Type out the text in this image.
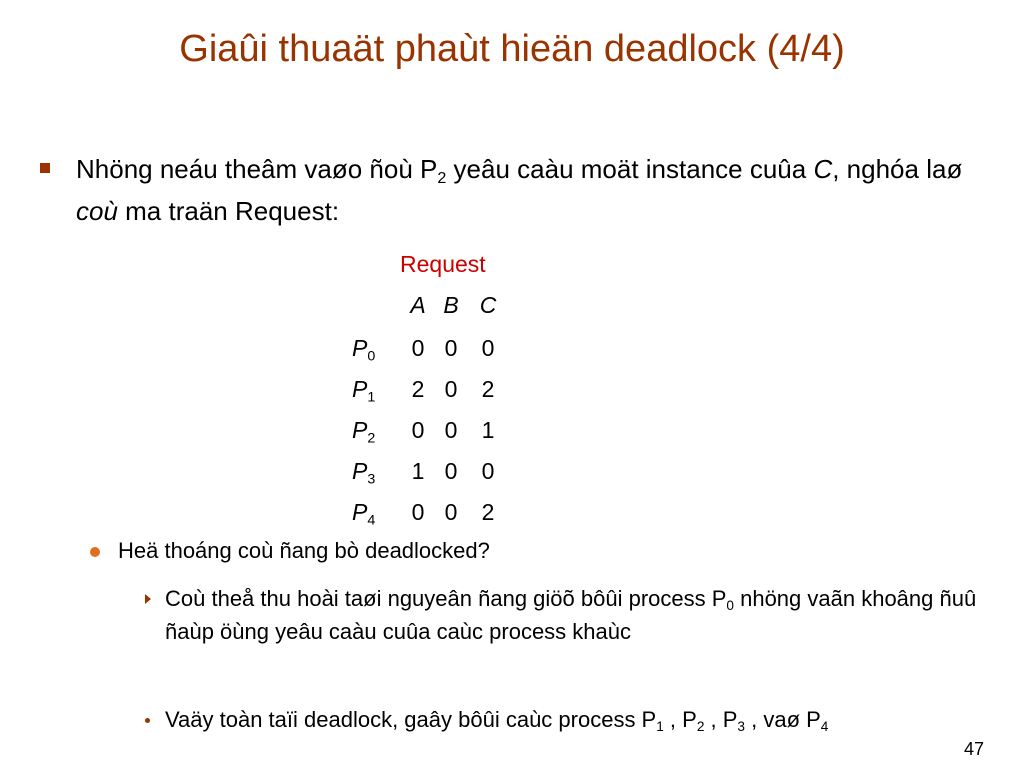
Giaûi thuaät phaùt hieän deadlock (4/4)
Nhöng neáu theâm vaøo ñoù $P_2$ yeâu caàu moät instance cuûa C, nghóa laø coù ma traän Request:
Request
A B C
$P_0$ 0 0 0
$P_1$ 2 0 2
$P_2$ 0 0 1
$P_3$ 1 0 0
$P_4$ 0 0 2
Heä thoáng coù ñang bò deadlocked?
Coù theå thu hoài taøi nguyeân ñang giöõ bôûi process $P_0$ nhöng vaãn khoâng ñuû ñaùp öùng yeâu caàu cuûa caùc process khaùc
Vaäy toàn taïi deadlock, gaây bôûi caùc process $P_1$ , $P_2$ , $P_3$ , vaø $P_4$
47
